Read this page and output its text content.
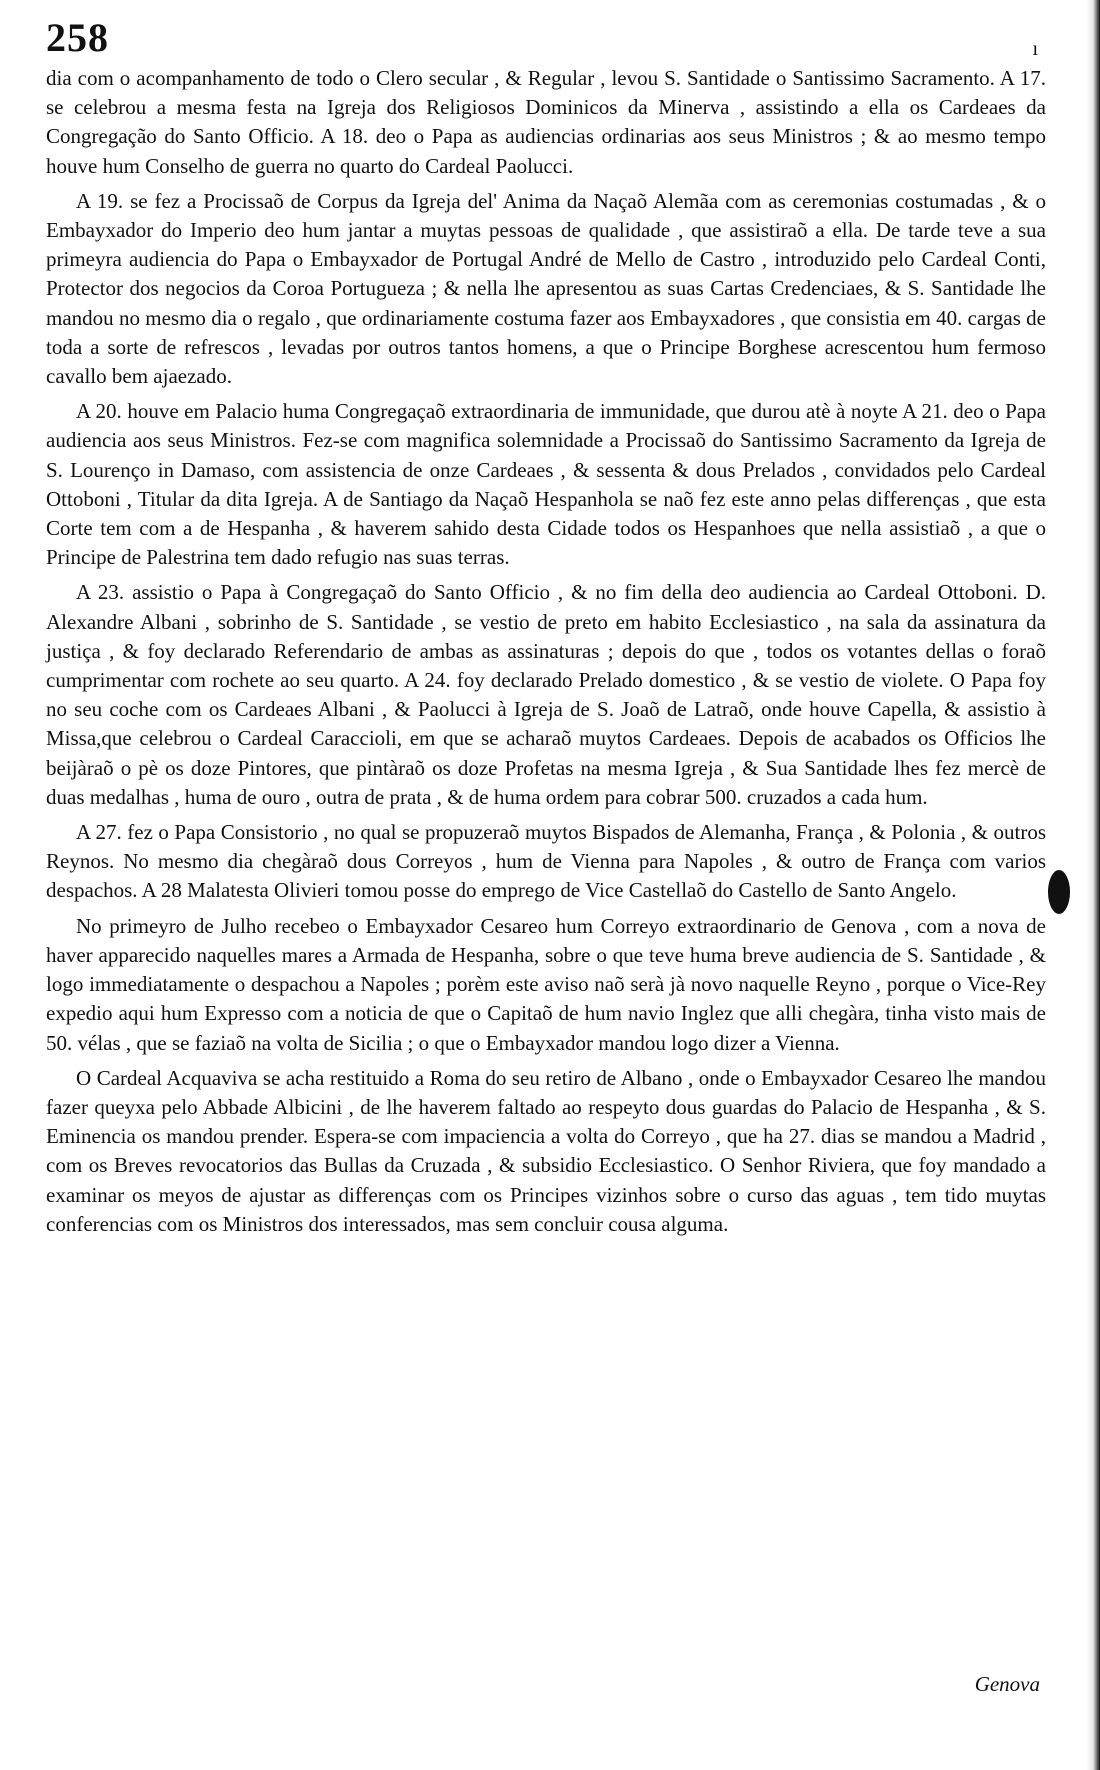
258	ı

dia com o acompanhamento de todo o Clero secular , & Regular , levou S. Santidade o Santissimo Sacramento. A 17. se celebrou a mesma festa na Igreja dos Religiosos Dominicos da Minerva , assistindo a ella os Cardeaes da Congregação do Santo Officio. A 18. deo o Papa as audiencias ordinarias aos seus Ministros ; & ao mesmo tempo houve hum Conselho de guerra no quarto do Cardeal Paolucci.

A 19. se fez a Procissaõ de Corpus da Igreja del' Anima da Naçaõ Alemãa com as ceremonias costumadas , & o Embayxador do Imperio deo hum jantar a muytas pessoas de qualidade , que assistiraõ a ella. De tarde teve a sua primeyra audiencia do Papa o Embayxador de Portugal André de Mello de Castro , introduzido pelo Cardeal Conti, Protector dos negocios da Coroa Portugueza ; & nella lhe apresentou as suas Cartas Credenciaes, & S. Santidade lhe mandou no mesmo dia o regalo , que ordinariamente costuma fazer aos Embayxadores , que consistia em 40. cargas de toda a sorte de refrescos , levadas por outros tantos homens, a que o Principe Borghese acrescentou hum fermoso cavallo bem ajaezado.

A 20. houve em Palacio huma Congregaçaõ extraordinaria de immunidade, que durou atè à noyte A 21. deo o Papa audiencia aos seus Ministros. Fez-se com magnifica solemnidade a Procissaõ do Santissimo Sacramento da Igreja de S. Lourenço in Damaso, com assistencia de onze Cardeaes , & sessenta & dous Prelados , convidados pelo Cardeal Ottoboni , Titular da dita Igreja. A de Santiago da Naçaõ Hespanhola se naõ fez este anno pelas differenças , que esta Corte tem com a de Hespanha , & haverem sahido desta Cidade todos os Hespanhoes que nella assistiaõ , a que o Principe de Palestrina tem dado refugio nas suas terras.

A 23. assistio o Papa à Congregaçaõ do Santo Officio , & no fim della deo audiencia ao Cardeal Ottoboni. D. Alexandre Albani , sobrinho de S. Santidade , se vestio de preto em habito Ecclesiastico , na sala da assinatura da justiça , & foy declarado Referendario de ambas as assinaturas ; depois do que , todos os votantes dellas o foraõ cumprimentar com rochete ao seu quarto. A 24. foy declarado Prelado domestico , & se vestio de violete. O Papa foy no seu coche com os Cardeaes Albani , & Paolucci à Igreja de S. Joaõ de Latraõ, onde houve Capella, & assistio à Missa,que celebrou o Cardeal Caraccioli, em que se acharaõ muytos Cardeaes. Depois de acabados os Officios lhe beijàraõ o pè os doze Pintores, que pintàraõ os doze Profetas na mesma Igreja , & Sua Santidade lhes fez mercè de duas medalhas , huma de ouro , outra de prata , & de huma ordem para cobrar 500. cruzados a cada hum.

A 27. fez o Papa Consistorio , no qual se propuzeraõ muytos Bispados de Alemanha, França , & Polonia , & outros Reynos. No mesmo dia chegàraõ dous Correyos , hum de Vienna para Napoles , & outro de França com varios despachos. A 28 Malatesta Olivieri tomou posse do emprego de Vice Castellaõ do Castello de Santo Angelo.

No primeyro de Julho recebeo o Embayxador Cesareo hum Correyo extraordinario de Genova , com a nova de haver apparecido naquelles mares a Armada de Hespanha, sobre o que teve huma breve audiencia de S. Santidade , & logo immediatamente o despachou a Napoles ; porèm este aviso naõ serà jà novo naquelle Reyno , porque o Vice-Rey expedio aqui hum Expresso com a noticia de que o Capitaõ de hum navio Inglez que alli chegàra, tinha visto mais de 50. vélas , que se faziaõ na volta de Sicilia ; o que o Embayxador mandou logo dizer a Vienna.

O Cardeal Acquaviva se acha restituido a Roma do seu retiro de Albano , onde o Embayxador Cesareo lhe mandou fazer queyxa pelo Abbade Albicini , de lhe haverem faltado ao respeyto dous guardas do Palacio de Hespanha , & S. Eminencia os mandou prender. Espera-se com impaciencia a volta do Correyo , que ha 27. dias se mandou a Madrid , com os Breves revocatorios das Bullas da Cruzada , & subsidio Ecclesiastico. O Senhor Riviera, que foy mandado a examinar os meyos de ajustar as differenças com os Principes vizinhos sobre o curso das aguas , tem tido muytas conferencias com os Ministros dos interessados, mas sem concluir cousa alguma.

Genova
